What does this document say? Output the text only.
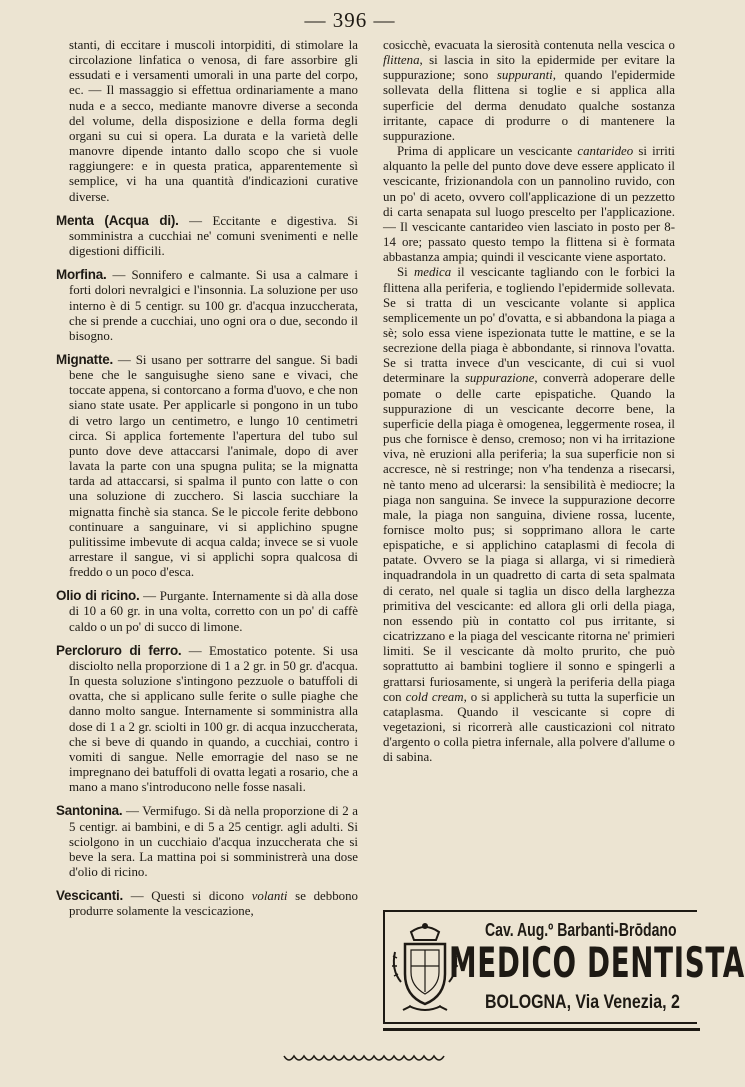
— 396 —

stanti, di eccitare i muscoli intorpiditi, di stimolare la circolazione linfatica o venosa, di fare assorbire gli essudati e i versamenti umorali in una parte del corpo, ec. — Il massaggio si effettua ordinariamente a mano nuda e a secco, mediante manovre diverse a seconda del volume, della disposizione e della forma degli organi su cui si opera. La durata e la varietà delle manovre dipende intanto dallo scopo che si vuole raggiungere: e in questa pratica, apparentemente sì semplice, vi ha una quantità d'indicazioni curative diverse.

Menta (Acqua di). — Eccitante e digestiva. Si somministra a cucchiai ne' comuni svenimenti e nelle digestioni difficili.

Morfina. — Sonnifero e calmante. Si usa a calmare i forti dolori nevralgici e l'insonnia. La soluzione per uso interno è di 5 centigr. su 100 gr. d'acqua inzuccherata, che si prende a cucchiai, uno ogni ora o due, secondo il bisogno.

Mignatte. — Si usano per sottrarre del sangue. Si badi bene che le sanguisughe sieno sane e vivaci, che toccate appena, si contorcano a forma d'uovo, e che non siano state usate. Per applicarle si pongono in un tubo di vetro largo un centimetro, e lungo 10 centimetri circa. Si applica fortemente l'apertura del tubo sul punto dove deve attaccarsi l'animale, dopo di aver lavata la parte con una spugna pulita; se la mignatta tarda ad attaccarsi, si spalma il punto con latte o con una soluzione di zucchero. Si lascia succhiare la mignatta finchè sia stanca. Se le piccole ferite debbono continuare a sanguinare, vi si applichino spugne pulitissime imbevute di acqua calda; invece se si vuole arrestare il sangue, vi si applichi sopra qualcosa di freddo o un poco d'esca.

Olio di ricino. — Purgante. Internamente si dà alla dose di 10 a 60 gr. in una volta, corretto con un po' di caffè caldo o un po' di succo di limone.

Percloruro di ferro. — Emostatico potente. Si usa disciolto nella proporzione di 1 a 2 gr. in 50 gr. d'acqua. In questa soluzione s'intingono pezzuole o batuffoli di ovatta, che si applicano sulle ferite o sulle piaghe che danno molto sangue. Internamente si somministra alla dose di 1 a 2 gr. sciolti in 100 gr. di acqua inzuccherata, che si beve di quando in quando, a cucchiai, contro i vomiti di sangue. Nelle emorragie del naso se ne impregnano dei batuffoli di ovatta legati a rosario, che a mano a mano s'introducono nelle fosse nasali.

Santonina. — Vermifugo. Si dà nella proporzione di 2 a 5 centigr. ai bambini, e di 5 a 25 centigr. agli adulti. Si sciolgono in un cucchiaio d'acqua inzuccherata che si beve la sera. La mattina poi si somministrerà una dose d'olio di ricino.

Vescicanti. — Questi si dicono volanti se debbono produrre solamente la vescicazione,

cosicchè, evacuata la sierosità contenuta nella vescica o flittena, si lascia in sito la epidermide per evitare la suppurazione; sono suppuranti, quando l'epidermide sollevata della flittena si toglie e si applica alla superficie del derma denudato qualche sostanza irritante, capace di produrre o di mantenere la suppurazione.

Prima di applicare un vescicante cantarideo si irriti alquanto la pelle del punto dove deve essere applicato il vescicante, frizionandola con un pannolino ruvido, con un po' di aceto, ovvero coll'applicazione di un pezzetto di carta senapata sul luogo prescelto per l'applicazione. — Il vescicante cantarideo vien lasciato in posto per 8-14 ore; passato questo tempo la flittena si è formata abbastanza ampia; quindi il vescicante viene asportato.

Si medica il vescicante tagliando con le forbici la flittena alla periferia, e togliendo l'epidermide sollevata. Se si tratta di un vescicante volante si applica semplicemente un po' d'ovatta, e si abbandona la piaga a sè; solo essa viene ispezionata tutte le mattine, e se la secrezione della piaga è abbondante, si rinnova l'ovatta. Se si tratta invece d'un vescicante, di cui si vuol determinare la suppurazione, converrà adoperare delle pomate o delle carte epispatiche. Quando la suppurazione di un vescicante decorre bene, la superficie della piaga è omogenea, leggermente rosea, il pus che fornisce è denso, cremoso; non vi ha irritazione viva, nè eruzioni alla periferia; la sua superficie non si accresce, nè si restringe; non v'ha tendenza a risecarsi, nè tanto meno ad ulcerarsi: la sensibilità è mediocre; la piaga non sanguina. Se invece la suppurazione decorre male, la piaga non sanguina, diviene rossa, lucente, fornisce molto pus; si sopprimano allora le carte epispatiche, e si applichino cataplasmi di fecola di patate. Ovvero se la piaga si allarga, vi si rimedierà inquadrandola in un quadretto di carta di seta spalmata di cerato, nel quale si taglia un disco della larghezza primitiva del vescicante: ed allora gli orli della piaga, non essendo più in contatto col pus irritante, si cicatrizzano e la piaga del vescicante ritorna ne' primieri limiti. Se il vescicante dà molto prurito, che può soprattutto ai bambini togliere il sonno e spingerli a grattarsi furiosamente, si ungerà la periferia della piaga con cold cream, o si applicherà su tutta la superficie un cataplasma. Quando il vescicante si copre di vegetazioni, si ricorrerà alle causticazioni col nitrato d'argento o colla pietra infernale, alla polvere d'allume o di sabina.

Cav. Aug.º Barbanti-Brōdano
MEDICO DENTISTA
BOLOGNA, Via Venezia, 2
